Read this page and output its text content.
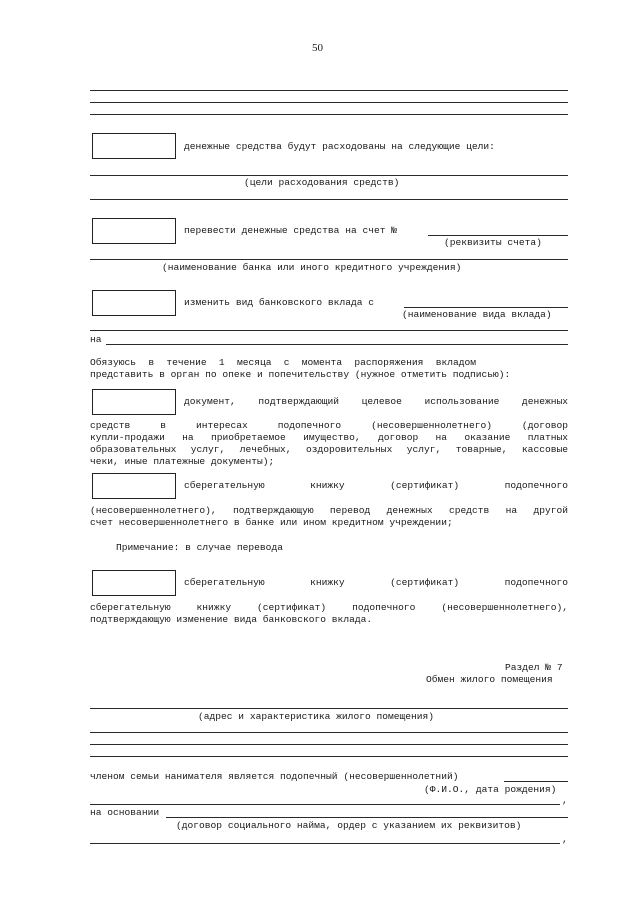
50
денежные средства будут расходованы на следующие цели:
(цели расходования средств)
перевести денежные средства на счет №
(реквизиты счета)
(наименование банка или иного кредитного учреждения)
изменить вид банковского вклада с
(наименование вида вклада)
на
Обязуюсь в течение 1 месяца с момента распоряжения вкладом
представить в орган по опеке и попечительству (нужное отметить подписью):
документ, подтверждающий целевое использование денежных
средств в интересах подопечного (несовершеннолетнего) (договор
купли-продажи на приобретаемое имущество, договор на оказание платных
образовательных услуг, лечебных, оздоровительных услуг, товарные, кассовые
чеки, иные платежные документы);
сберегательную книжку (сертификат) подопечного
(несовершеннолетнего), подтверждающую перевод денежных средств на другой
счет несовершеннолетнего в банке или ином кредитном учреждении;
Примечание: в случае перевода
сберегательную книжку (сертификат) подопечного
сберегательную книжку (сертификат) подопечного (несовершеннолетнего),
подтверждающую изменение вида банковского вклада.
Раздел № 7
Обмен жилого помещения
(адрес и характеристика жилого помещения)
членом семьи нанимателя является подопечный (несовершеннолетний)
(Ф.И.О., дата рождения)
,
на основании
(договор социального найма, ордер с указанием их реквизитов)
,
